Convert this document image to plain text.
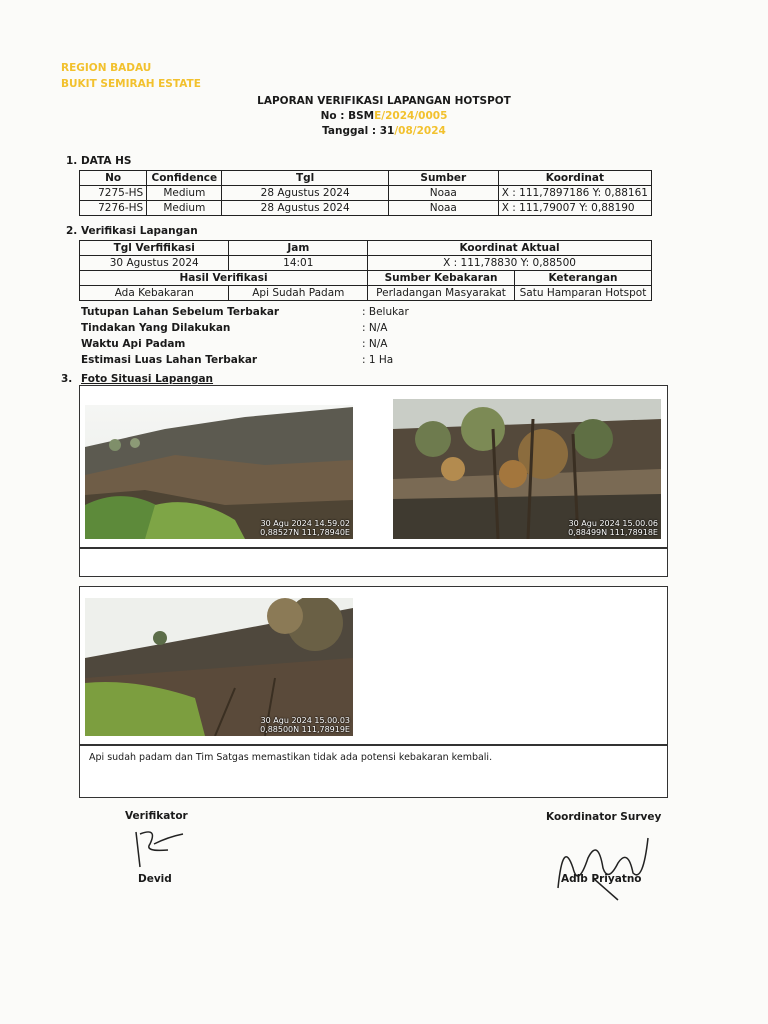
REGION BADAU
BUKIT SEMIRAH ESTATE
LAPORAN VERIFIKASI LAPANGAN HOTSPOT
No : BSME/2024/0005
Tanggal : 31/08/2024
1. DATA HS
No	Confidence	Tgl	Sumber	Koordinat
7275-HS	Medium	28 Agustus 2024	Noaa	X : 111,7897186 Y: 0,88161
7276-HS	Medium	28 Agustus 2024	Noaa	X : 111,79007 Y: 0,88190
2. Verifikasi Lapangan
Tgl Verfifikasi	Jam	Koordinat Aktual	
30 Agustus 2024	14:01	X : 111,78830 Y: 0,88500	
Hasil Verifikasi		Sumber Kebakaran	Keterangan
Ada Kebakaran	Api Sudah Padam	Perladangan Masyarakat	Satu Hamparan Hotspot
Tutupan Lahan Sebelum Terbakar	: Belukar
Tindakan Yang Dilakukan	: N/A
Waktu Api Padam	: N/A
Estimasi Luas Lahan Terbakar	: 1 Ha
3. Foto Situasi Lapangan
30 Agu 2024 14.59.02
0,88527N 111,78940E
30 Agu 2024 15.00.06
0,88499N 111,78918E
Api sudah padam dan Tim Satgas memastikan tidak ada potensi kebakaran kembali.
30 Agu 2024 15.00.03
0,88500N 111,78919E
Verifikator
Devid
Koordinator Survey
Adib Priyatno
